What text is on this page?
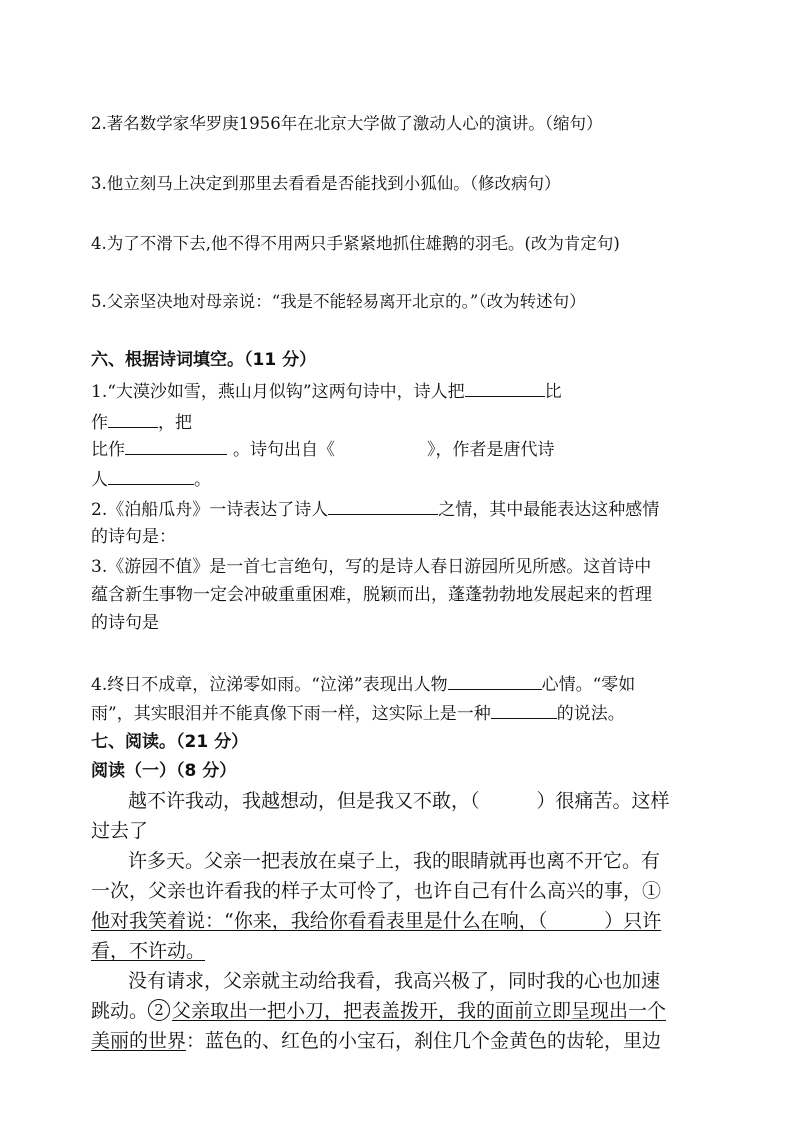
2.著名数学家华罗庚1956年在北京大学做了激动人心的演讲。（缩句）
3.他立刻马上决定到那里去看看是否能找到小狐仙。（修改病句）
4.为了不滑下去,他不得不用两只手紧紧地抓住雄鹅的羽毛。(改为肯定句)
5.父亲坚决地对母亲说：“我是不能轻易离开北京的。”（改为转述句）
六、根据诗词填空。（11 分）
1.“大漠沙如雪，燕山月似钩”这两句诗中，诗人把	比
作	，把
比作	。诗句出自《	》，作者是唐代诗
人	。
2.《泊船瓜舟》一诗表达了诗人	之情，其中最能表达这种感情
的诗句是：
3.《游园不值》是一首七言绝句，写的是诗人春日游园所见所感。这首诗中
蕴含新生事物一定会冲破重重困难，脱颖而出，蓬蓬勃勃地发展起来的哲理
的诗句是
4.终日不成章，泣涕零如雨。“泣涕”表现出人物	心情。“零如
雨”，其实眼泪并不能真像下雨一样，这实际上是一种	的说法。
七、阅读。（21 分）
阅读（一）（8 分）
越不许我动，我越想动，但是我又不敢，（　　　）很痛苦。这样
过去了
许多天。父亲一把表放在桌子上，我的眼睛就再也离不开它。有
一次，父亲也许看我的样子太可怜了，也许自己有什么高兴的事，①
他对我笑着说：“你来，我给你看看表里是什么在响，（　　　）只许
看，不许动。
没有请求，父亲就主动给我看，我高兴极了，同时我的心也加速
跳动。 2 父亲取出一把小刀，把表盖拨开，我的面前立即呈现出一个
美丽的世界：蓝色的、红色的小宝石，刹住几个金黄色的齿轮，里边
